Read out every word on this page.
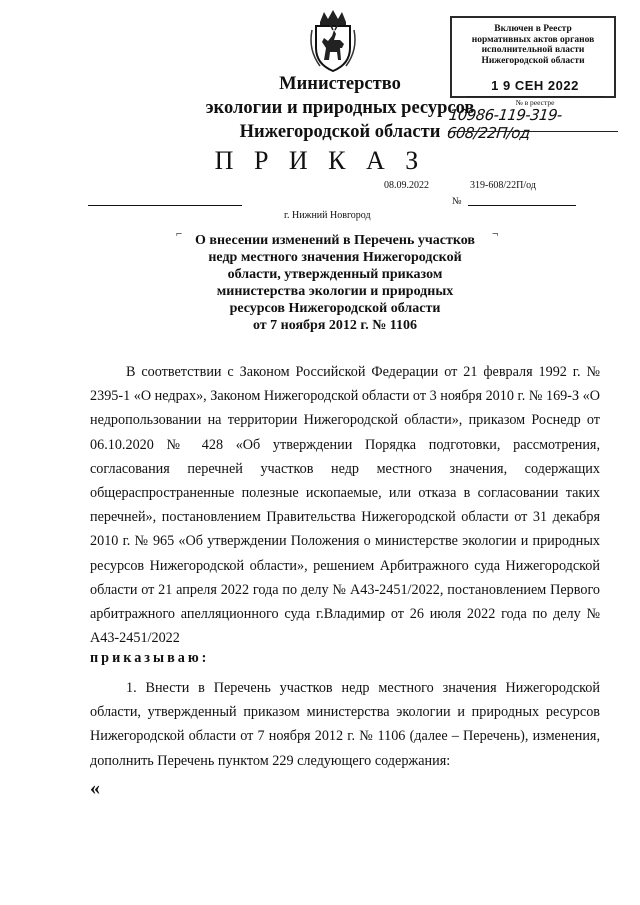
Министерство
экологии и природных ресурсов
Нижегородской области
Включен в Реестр
нормативных актов органов
исполнительной власти
Нижегородской области
1 9 СЕН 2022
№ в реестре
10986-119-319-608/22П/од
П Р И К А З
08.09.2022	319-608/22П/од
№
г. Нижний Новгород
⌐	¬
О внесении изменений в Перечень участков
недр местного значения Нижегородской
области, утвержденный приказом
министерства экологии и природных
ресурсов Нижегородской области
от 7 ноября 2012 г. № 1106
В соответствии с Законом Российской Федерации от 21 февраля 1992 г. № 2395-1 «О недрах», Законом Нижегородской области от 3 ноября 2010 г. № 169-З «О недропользовании на территории Нижегородской области», приказом Роснедр от 06.10.2020 № 428 «Об утверждении Порядка подготовки, рассмотрения, согласования перечней участков недр местного значения, содержащих общераспространенные полезные ископаемые, или отказа в согласовании таких перечней», постановлением Правительства Нижегородской области от 31 декабря 2010 г. № 965 «Об утверждении Положения о министерстве экологии и природных ресурсов Нижегородской области», решением Арбитражного суда Нижегородской области от 21 апреля 2022 года по делу № А43-2451/2022, постановлением Первого арбитражного апелляционного суда г.Владимир от 26 июля 2022 года по делу № А43-2451/2022
приказываю:
1. Внести в Перечень участков недр местного значения Нижегородской области, утвержденный приказом министерства экологии и природных ресурсов Нижегородской области от 7 ноября 2012 г. № 1106 (далее – Перечень), изменения, дополнить Перечень пунктом 229 следующего содержания:
«
